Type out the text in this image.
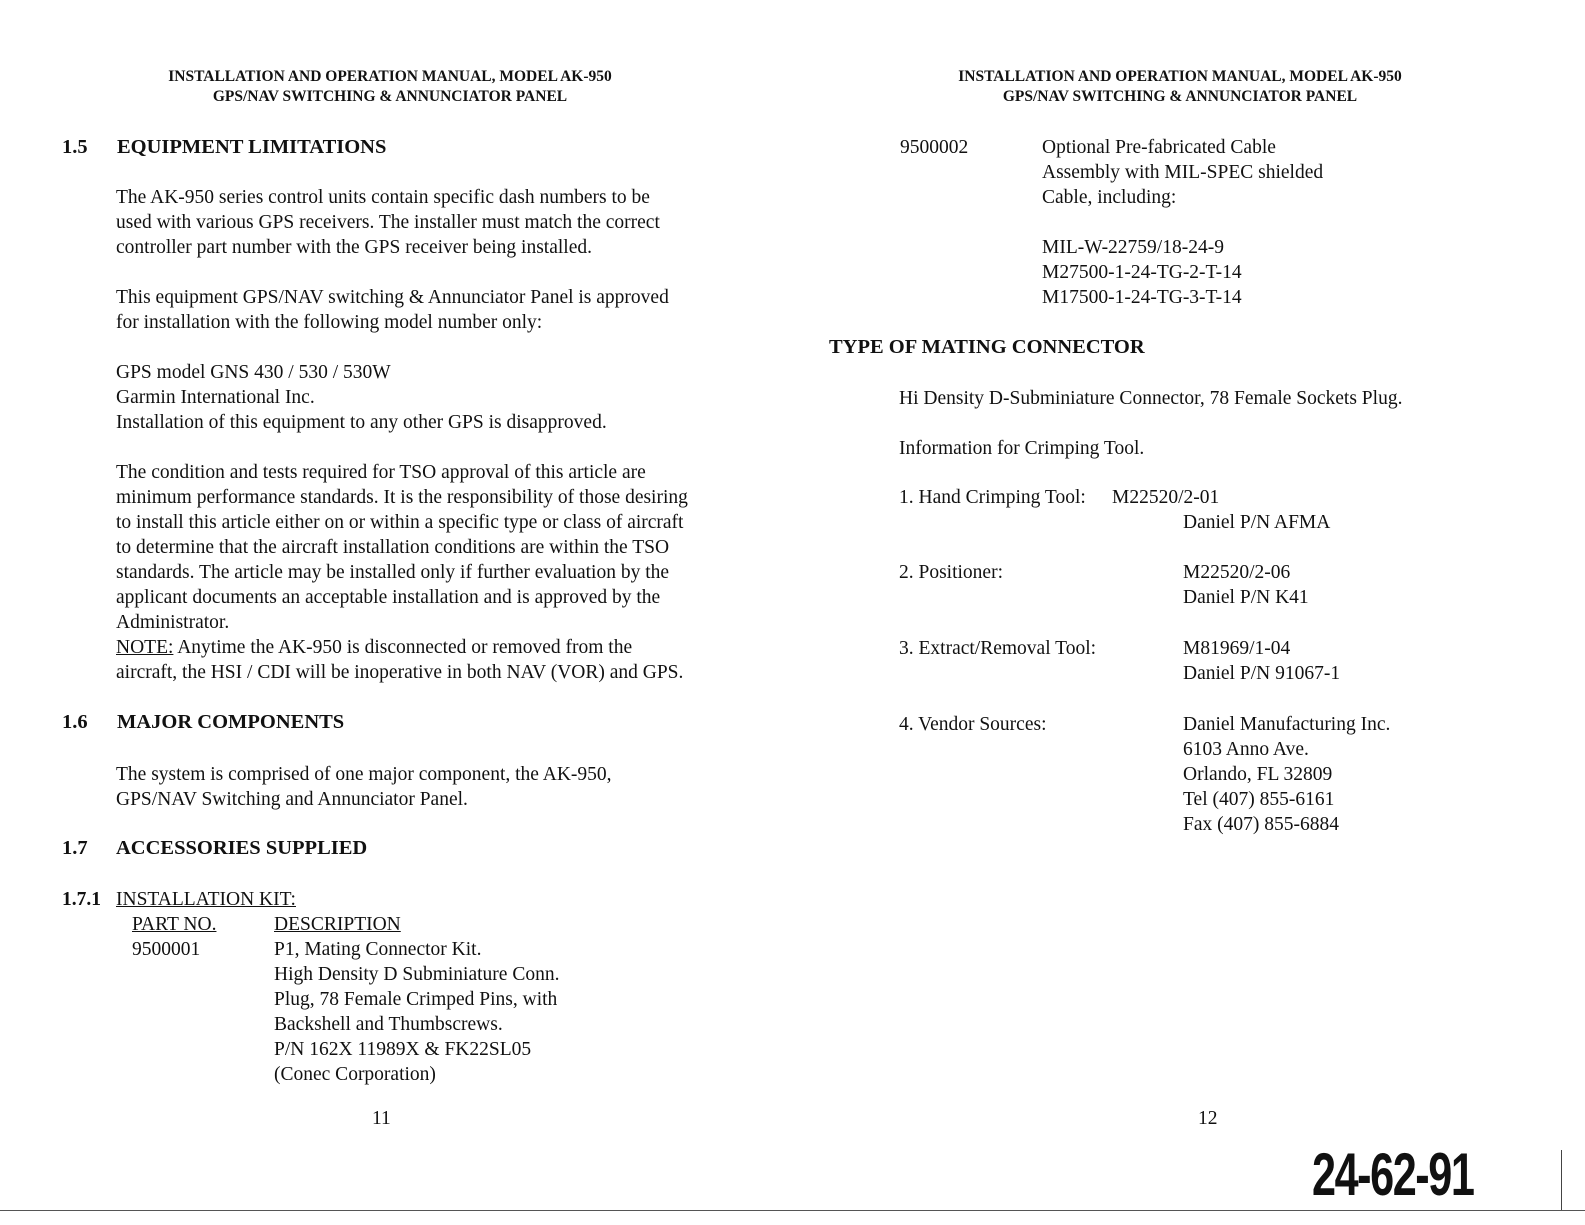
INSTALLATION AND OPERATION MANUAL, MODEL AK-950
GPS/NAV SWITCHING & ANNUNCIATOR PANEL
1.5 EQUIPMENT LIMITATIONS
The AK-950 series control units contain specific dash numbers to be
used with various GPS receivers. The installer must match the correct
controller part number with the GPS receiver being installed.
This equipment GPS/NAV switching & Annunciator Panel is approved
for installation with the following model number only:
GPS model GNS 430 / 530 / 530W
Garmin International Inc.
Installation of this equipment to any other GPS is disapproved.
The condition and tests required for TSO approval of this article are
minimum performance standards. It is the responsibility of those desiring
to install this article either on or within a specific type or class of aircraft
to determine that the aircraft installation conditions are within the TSO
standards. The article may be installed only if further evaluation by the
applicant documents an acceptable installation and is approved by the
Administrator.
NOTE: Anytime the AK-950 is disconnected or removed from the
aircraft, the HSI / CDI will be inoperative in both NAV (VOR) and GPS.
1.6 MAJOR COMPONENTS
The system is comprised of one major component, the AK-950,
GPS/NAV Switching and Annunciator Panel.
1.7 ACCESSORIES SUPPLIED
1.7.1 INSTALLATION KIT:
PART NO.	DESCRIPTION
9500001	P1, Mating Connector Kit.
High Density D Subminiature Conn.
Plug, 78 Female Crimped Pins, with
Backshell and Thumbscrews.
P/N 162X 11989X & FK22SL05
(Conec Corporation)
11
INSTALLATION AND OPERATION MANUAL, MODEL AK-950
GPS/NAV SWITCHING & ANNUNCIATOR PANEL
9500002	Optional Pre-fabricated Cable
Assembly with MIL-SPEC shielded
Cable, including:
MIL-W-22759/18-24-9
M27500-1-24-TG-2-T-14
M17500-1-24-TG-3-T-14
TYPE OF MATING CONNECTOR
Hi Density D-Subminiature Connector, 78 Female Sockets Plug.
Information for Crimping Tool.
1. Hand Crimping Tool: M22520/2-01
Daniel P/N AFMA
2. Positioner:	M22520/2-06
Daniel P/N K41
3. Extract/Removal Tool:	M81969/1-04
Daniel P/N 91067-1
4. Vendor Sources:	Daniel Manufacturing Inc.
6103 Anno Ave.
Orlando, FL 32809
Tel (407) 855-6161
Fax (407) 855-6884
12
24-62-91
